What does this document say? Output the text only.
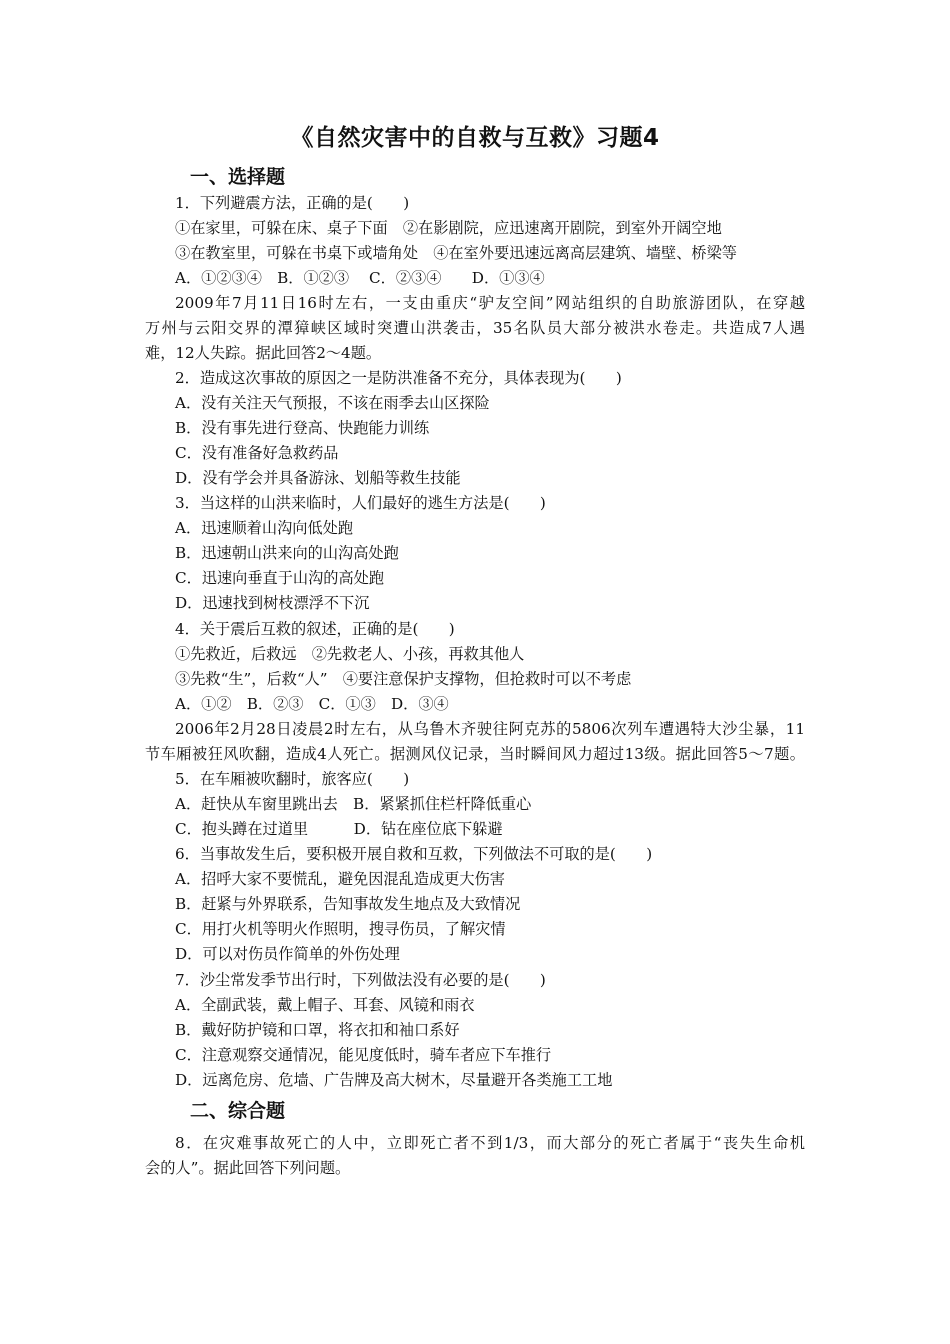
《自然灾害中的自救与互救》习题4
一、选择题
1．下列避震方法，正确的是(　　)
①在家里，可躲在床、桌子下面　②在影剧院，应迅速离开剧院，到室外开阔空地
③在教室里，可躲在书桌下或墙角处　④在室外要迅速远离高层建筑、墙壁、桥梁等
A．①②③④　B．①②③　 C．②③④　　D．①③④
2009年7月11日16时左右，一支由重庆“驴友空间”网站组织的自助旅游团队，在穿越
万州与云阳交界的潭獐峡区域时突遭山洪袭击，35名队员大部分被洪水卷走。共造成7人遇
难，12人失踪。据此回答2～4题。
2．造成这次事故的原因之一是防洪准备不充分，具体表现为(　　)
A．没有关注天气预报，不该在雨季去山区探险
B．没有事先进行登高、快跑能力训练
C．没有准备好急救药品
D．没有学会并具备游泳、划船等救生技能
3．当这样的山洪来临时，人们最好的逃生方法是(　　)
A．迅速顺着山沟向低处跑
B．迅速朝山洪来向的山沟高处跑
C．迅速向垂直于山沟的高处跑
D．迅速找到树枝漂浮不下沉
4．关于震后互救的叙述，正确的是(　　)
①先救近，后救远　②先救老人、小孩，再救其他人
③先救“生”，后救“人”　④要注意保护支撑物，但抢救时可以不考虑
A．①②　B．②③　C．①③　D．③④
2006年2月28日凌晨2时左右，从乌鲁木齐驶往阿克苏的5806次列车遭遇特大沙尘暴，11
节车厢被狂风吹翻，造成4人死亡。据测风仪记录，当时瞬间风力超过13级。据此回答5～7题。
5．在车厢被吹翻时，旅客应(　　)
A．赶快从车窗里跳出去　B．紧紧抓住栏杆降低重心
C．抱头蹲在过道里　　　D．钻在座位底下躲避
6．当事故发生后，要积极开展自救和互救，下列做法不可取的是(　　)
A．招呼大家不要慌乱，避免因混乱造成更大伤害
B．赶紧与外界联系，告知事故发生地点及大致情况
C．用打火机等明火作照明，搜寻伤员，了解灾情
D．可以对伤员作简单的外伤处理
7．沙尘常发季节出行时，下列做法没有必要的是(　　)
A．全副武装，戴上帽子、耳套、风镜和雨衣
B．戴好防护镜和口罩，将衣扣和袖口系好
C．注意观察交通情况，能见度低时，骑车者应下车推行
D．远离危房、危墙、广告牌及高大树木，尽量避开各类施工工地
二、综合题
8．在灾难事故死亡的人中，立即死亡者不到1/3，而大部分的死亡者属于“丧失生命机
会的人”。据此回答下列问题。
